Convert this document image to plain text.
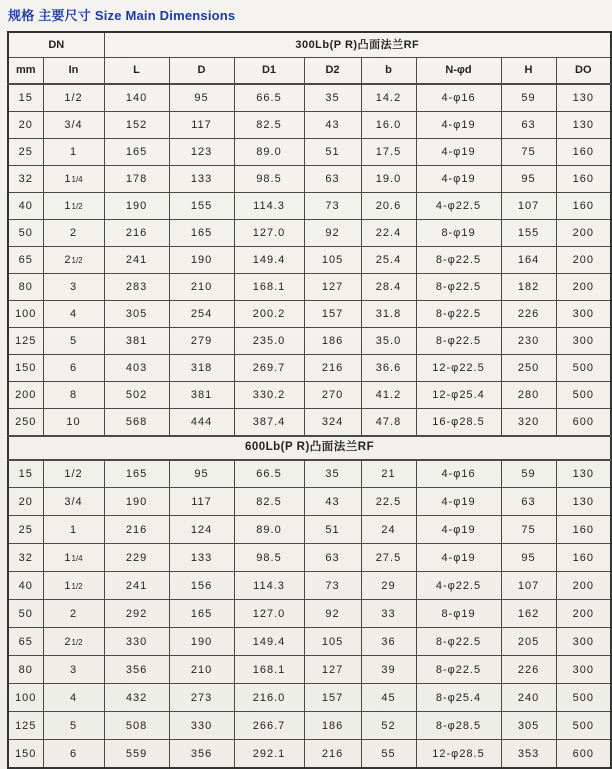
规格 主要尺寸 Size Main Dimensions
DN		300Lb(P R)凸面法兰RF							
mm	In	L	D	D1	D2	b	N-φd	H	DO
15	1/2	140	95	66.5	35	14.2	4-φ16	59	130
20	3/4	152	117	82.5	43	16.0	4-φ19	63	130
25	1	165	123	89.0	51	17.5	4-φ19	75	160
32	11/4	178	133	98.5	63	19.0	4-φ19	95	160
40	11/2	190	155	114.3	73	20.6	4-φ22.5	107	160
50	2	216	165	127.0	92	22.4	8-φ19	155	200
65	21/2	241	190	149.4	105	25.4	8-φ22.5	164	200
80	3	283	210	168.1	127	28.4	8-φ22.5	182	200
100	4	305	254	200.2	157	31.8	8-φ22.5	226	300
125	5	381	279	235.0	186	35.0	8-φ22.5	230	300
150	6	403	318	269.7	216	36.6	12-φ22.5	250	500
200	8	502	381	330.2	270	41.2	12-φ25.4	280	500
250	10	568	444	387.4	324	47.8	16-φ28.5	320	600
600Lb(P R)凸面法兰RF									
15	1/2	165	95	66.5	35	21	4-φ16	59	130
20	3/4	190	117	82.5	43	22.5	4-φ19	63	130
25	1	216	124	89.0	51	24	4-φ19	75	160
32	11/4	229	133	98.5	63	27.5	4-φ19	95	160
40	11/2	241	156	114.3	73	29	4-φ22.5	107	200
50	2	292	165	127.0	92	33	8-φ19	162	200
65	21/2	330	190	149.4	105	36	8-φ22.5	205	300
80	3	356	210	168.1	127	39	8-φ22.5	226	300
100	4	432	273	216.0	157	45	8-φ25.4	240	500
125	5	508	330	266.7	186	52	8-φ28.5	305	500
150	6	559	356	292.1	216	55	12-φ28.5	353	600
